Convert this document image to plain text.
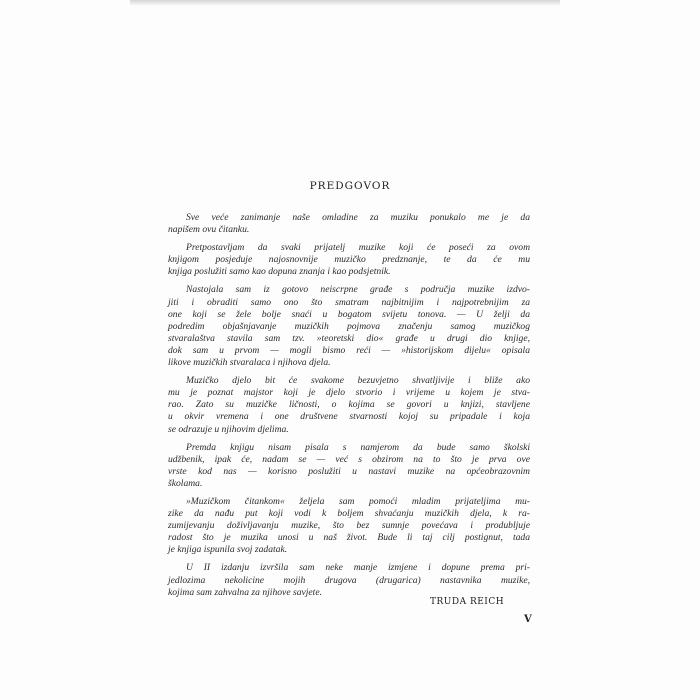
PREDGOVOR

Sve veće zanimanje naše omladine za muziku ponukalo me je da
napišem ovu čitanku.

Pretpostavljam da svaki prijatelj muzike koji će poseći za ovom
knjigom posjeduje najosnovnije muzičko predznanje, te da će mu
knjiga poslužiti samo kao dopuna znanja i kao podsjetnik.

Nastojala sam iz gotovo neiscrpne građe s područja muzike izdvo-
jiti i obraditi samo ono što smatram najbitnijim i najpotrebnijim za
one koji se žele bolje snaći u bogatom svijetu tonova. — U želji da
podredim objašnjavanje muzičkih pojmova značenju samog muzičkog
stvaralaštva stavila sam tzv. »teoretski dio« građe u drugi dio knjige,
dok sam u prvom — mogli bismo reći — »historijskom dijelu« opisala
likove muzičkih stvaralaca i njihova djela.

Muzičko djelo bit će svakome bezuvjetno shvatljivije i bliže ako
mu je poznat majstor koji je djelo stvorio i vrijeme u kojem je stva-
rao. Zato su muzičke ličnosti, o kojima se govori u knjizi, stavljene
u okvir vremena i one društvene stvarnosti kojoj su pripadale i koja
se odrazuje u njihovim djelima.

Premda knjigu nisam pisala s namjerom da bude samo školski
udžbenik, ipak će, nadam se — već s obzirom na to što je prva ove
vrste kod nas — korisno poslužiti u nastavi muzike na općeobrazovnim
školama.

»Muzičkom čitankom« željela sam pomoći mladim prijateljima mu-
zike da nađu put koji vodi k boljem shvaćanju muzičkih djela, k ra-
zumijevanju doživljavanju muzike, što bez sumnje povećava i produbljuje
radost što je muzika unosi u naš život. Bude li taj cilj postignut, tada
je knjiga ispunila svoj zadatak.

U II izdanju izvršila sam neke manje izmjene i dopune prema pri-
jedlozima nekolicine mojih drugova (drugarica) nastavnika muzike,
kojima sam zahvalna za njihove savjete.

TRUDA REICH
V
